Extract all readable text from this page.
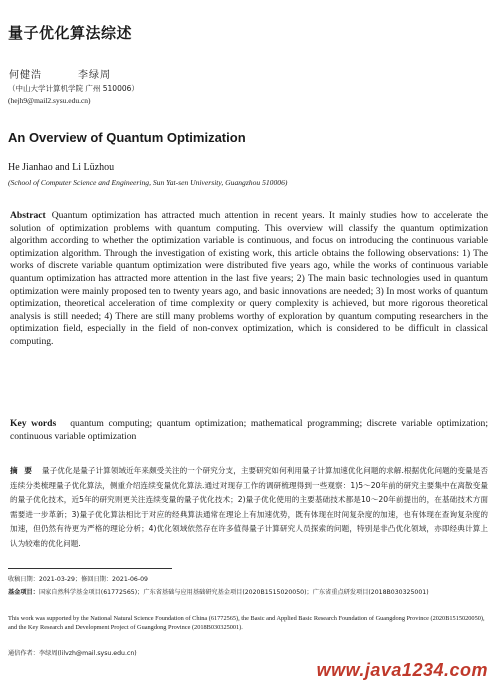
量子优化算法综述
何健浩	李绿周
（中山大学计算机学院 广州 510006）
(hejh9@mail2.sysu.edu.cn)
An Overview of Quantum Optimization
He Jianhao and Li Lüzhou
(School of Computer Science and Engineering, Sun Yat-sen University, Guangzhou 510006)
Abstract Quantum optimization has attracted much attention in recent years. It mainly studies how to accelerate the solution of optimization problems with quantum computing. This overview will classify the quantum optimization algorithm according to whether the optimization variable is continuous, and focus on introducing the continuous variable optimization algorithm. Through the investigation of existing work, this article obtains the following observations: 1) The works of discrete variable quantum optimization were distributed five years ago, while the works of continuous variable quantum optimization has attracted more attention in the last five years; 2) The main basic technologies used in quantum optimization were mainly proposed ten to twenty years ago, and basic innovations are needed; 3) In most works of quantum optimization, theoretical acceleration of time complexity or query complexity is achieved, but more rigorous theoretical analysis is still needed; 4) There are still many problems worthy of exploration by quantum computing researchers in the optimization field, especially in the field of non-convex optimization, which is considered to be difficult in classical computing.
Key words quantum computing; quantum optimization; mathematical programming; discrete variable optimization; continuous variable optimization
摘 要 量子优化是量子计算领域近年来颇受关注的一个研究分支，主要研究如何利用量子计算加速优化问题的求解.根据优化问题的变量是否连续分类梳理量子优化算法，侧重介绍连续变量优化算法.通过对现存工作的调研梳理得到一些观察：1)5～20年前的研究主要集中在离散变量的量子优化技术，近5年的研究则更关注连续变量的量子优化技术；2)量子优化使用的主要基础技术都是10～20年前提出的，在基础技术方面需要进一步革新；3)量子优化算法相比于对应的经典算法通常在理论上有加速优势，既有体现在时间复杂度的加速，也有体现在查询复杂度的加速，但仍然有待更为严格的理论分析；4)优化领域依然存在许多值得量子计算研究人员探索的问题，特别是非凸优化领域，亦即经典计算上认为较难的优化问题.
收稿日期：2021-03-29；修回日期：2021-06-09
基金项目：国家自然科学基金项目(61772565)；广东省基础与应用基础研究基金项目(2020B1515020050)；广东省重点研发项目(2018B030325001)
This work was supported by the National Natural Science Foundation of China (61772565), the Basic and Applied Basic Research Foundation of Guangdong Province (2020B1515020050), and the Key Research and Development Project of Guangdong Province (2018B030325001).
通信作者：李绿周(lilvzh@mail.sysu.edu.cn)
www.java1234.com
